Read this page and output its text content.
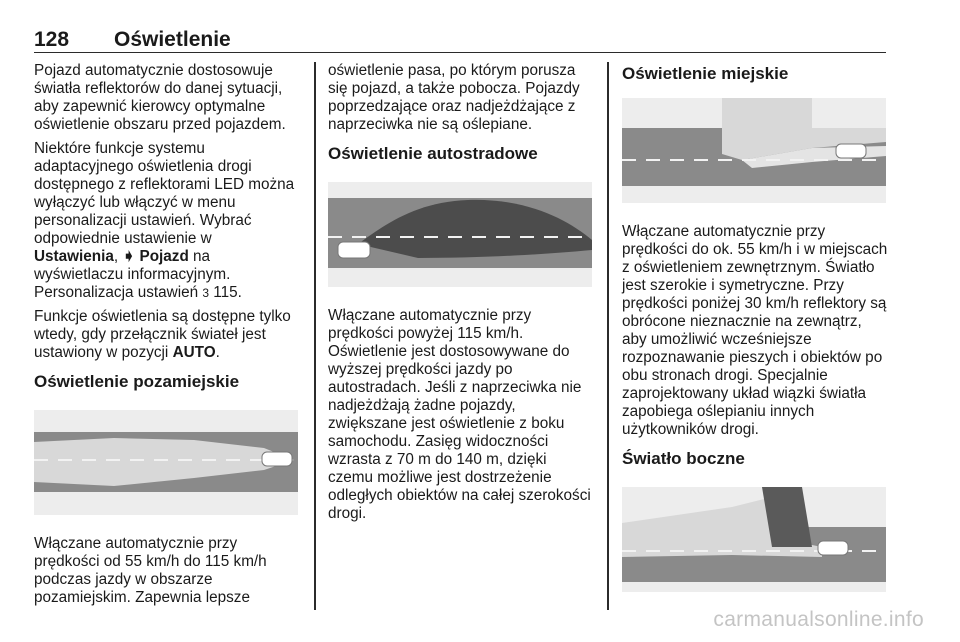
128 Oświetlenie

Pojazd automatycznie dostosowuje światła reflektorów do danej sytuacji, aby zapewnić kierowcy optymalne oświetlenie obszaru przed pojazdem.

Niektóre funkcje systemu adaptacyjnego oświetlenia drogi dostępnego z reflektorami LED można wyłączyć lub włączyć w menu personalizacji ustawień. Wybrać odpowiednie ustawienie w Ustawienia, ➧ Pojazd na wyświetlaczu informacyjnym. Personalizacja ustawień 3 115.

Funkcje oświetlenia są dostępne tylko wtedy, gdy przełącznik świateł jest ustawiony w pozycji AUTO.

Oświetlenie pozamiejskie

Włączane automatycznie przy prędkości od 55 km/h do 115 km/h podczas jazdy w obszarze pozamiejskim. Zapewnia lepsze

oświetlenie pasa, po którym porusza się pojazd, a także pobocza. Pojazdy poprzedzające oraz nadjeżdżające z naprzeciwka nie są oślepiane.

Oświetlenie autostradowe

Włączane automatycznie przy prędkości powyżej 115 km/h. Oświetlenie jest dostosowywane do wyższej prędkości jazdy po autostradach. Jeśli z naprzeciwka nie nadjeżdżają żadne pojazdy, zwiększane jest oświetlenie z boku samochodu. Zasięg widoczności wzrasta z 70 m do 140 m, dzięki czemu możliwe jest dostrzeżenie odległych obiektów na całej szerokości drogi.

Oświetlenie miejskie

Włączane automatycznie przy prędkości do ok. 55 km/h i w miejscach z oświetleniem zewnętrznym. Światło jest szerokie i symetryczne. Przy prędkości poniżej 30 km/h reflektory są obrócone nieznacznie na zewnątrz, aby umożliwić wcześniejsze rozpoznawanie pieszych i obiektów po obu stronach drogi. Specjalnie zaprojektowany układ wiązki światła zapobiega oślepianiu innych użytkowników drogi.

Światło boczne
carmanualsonline.info
